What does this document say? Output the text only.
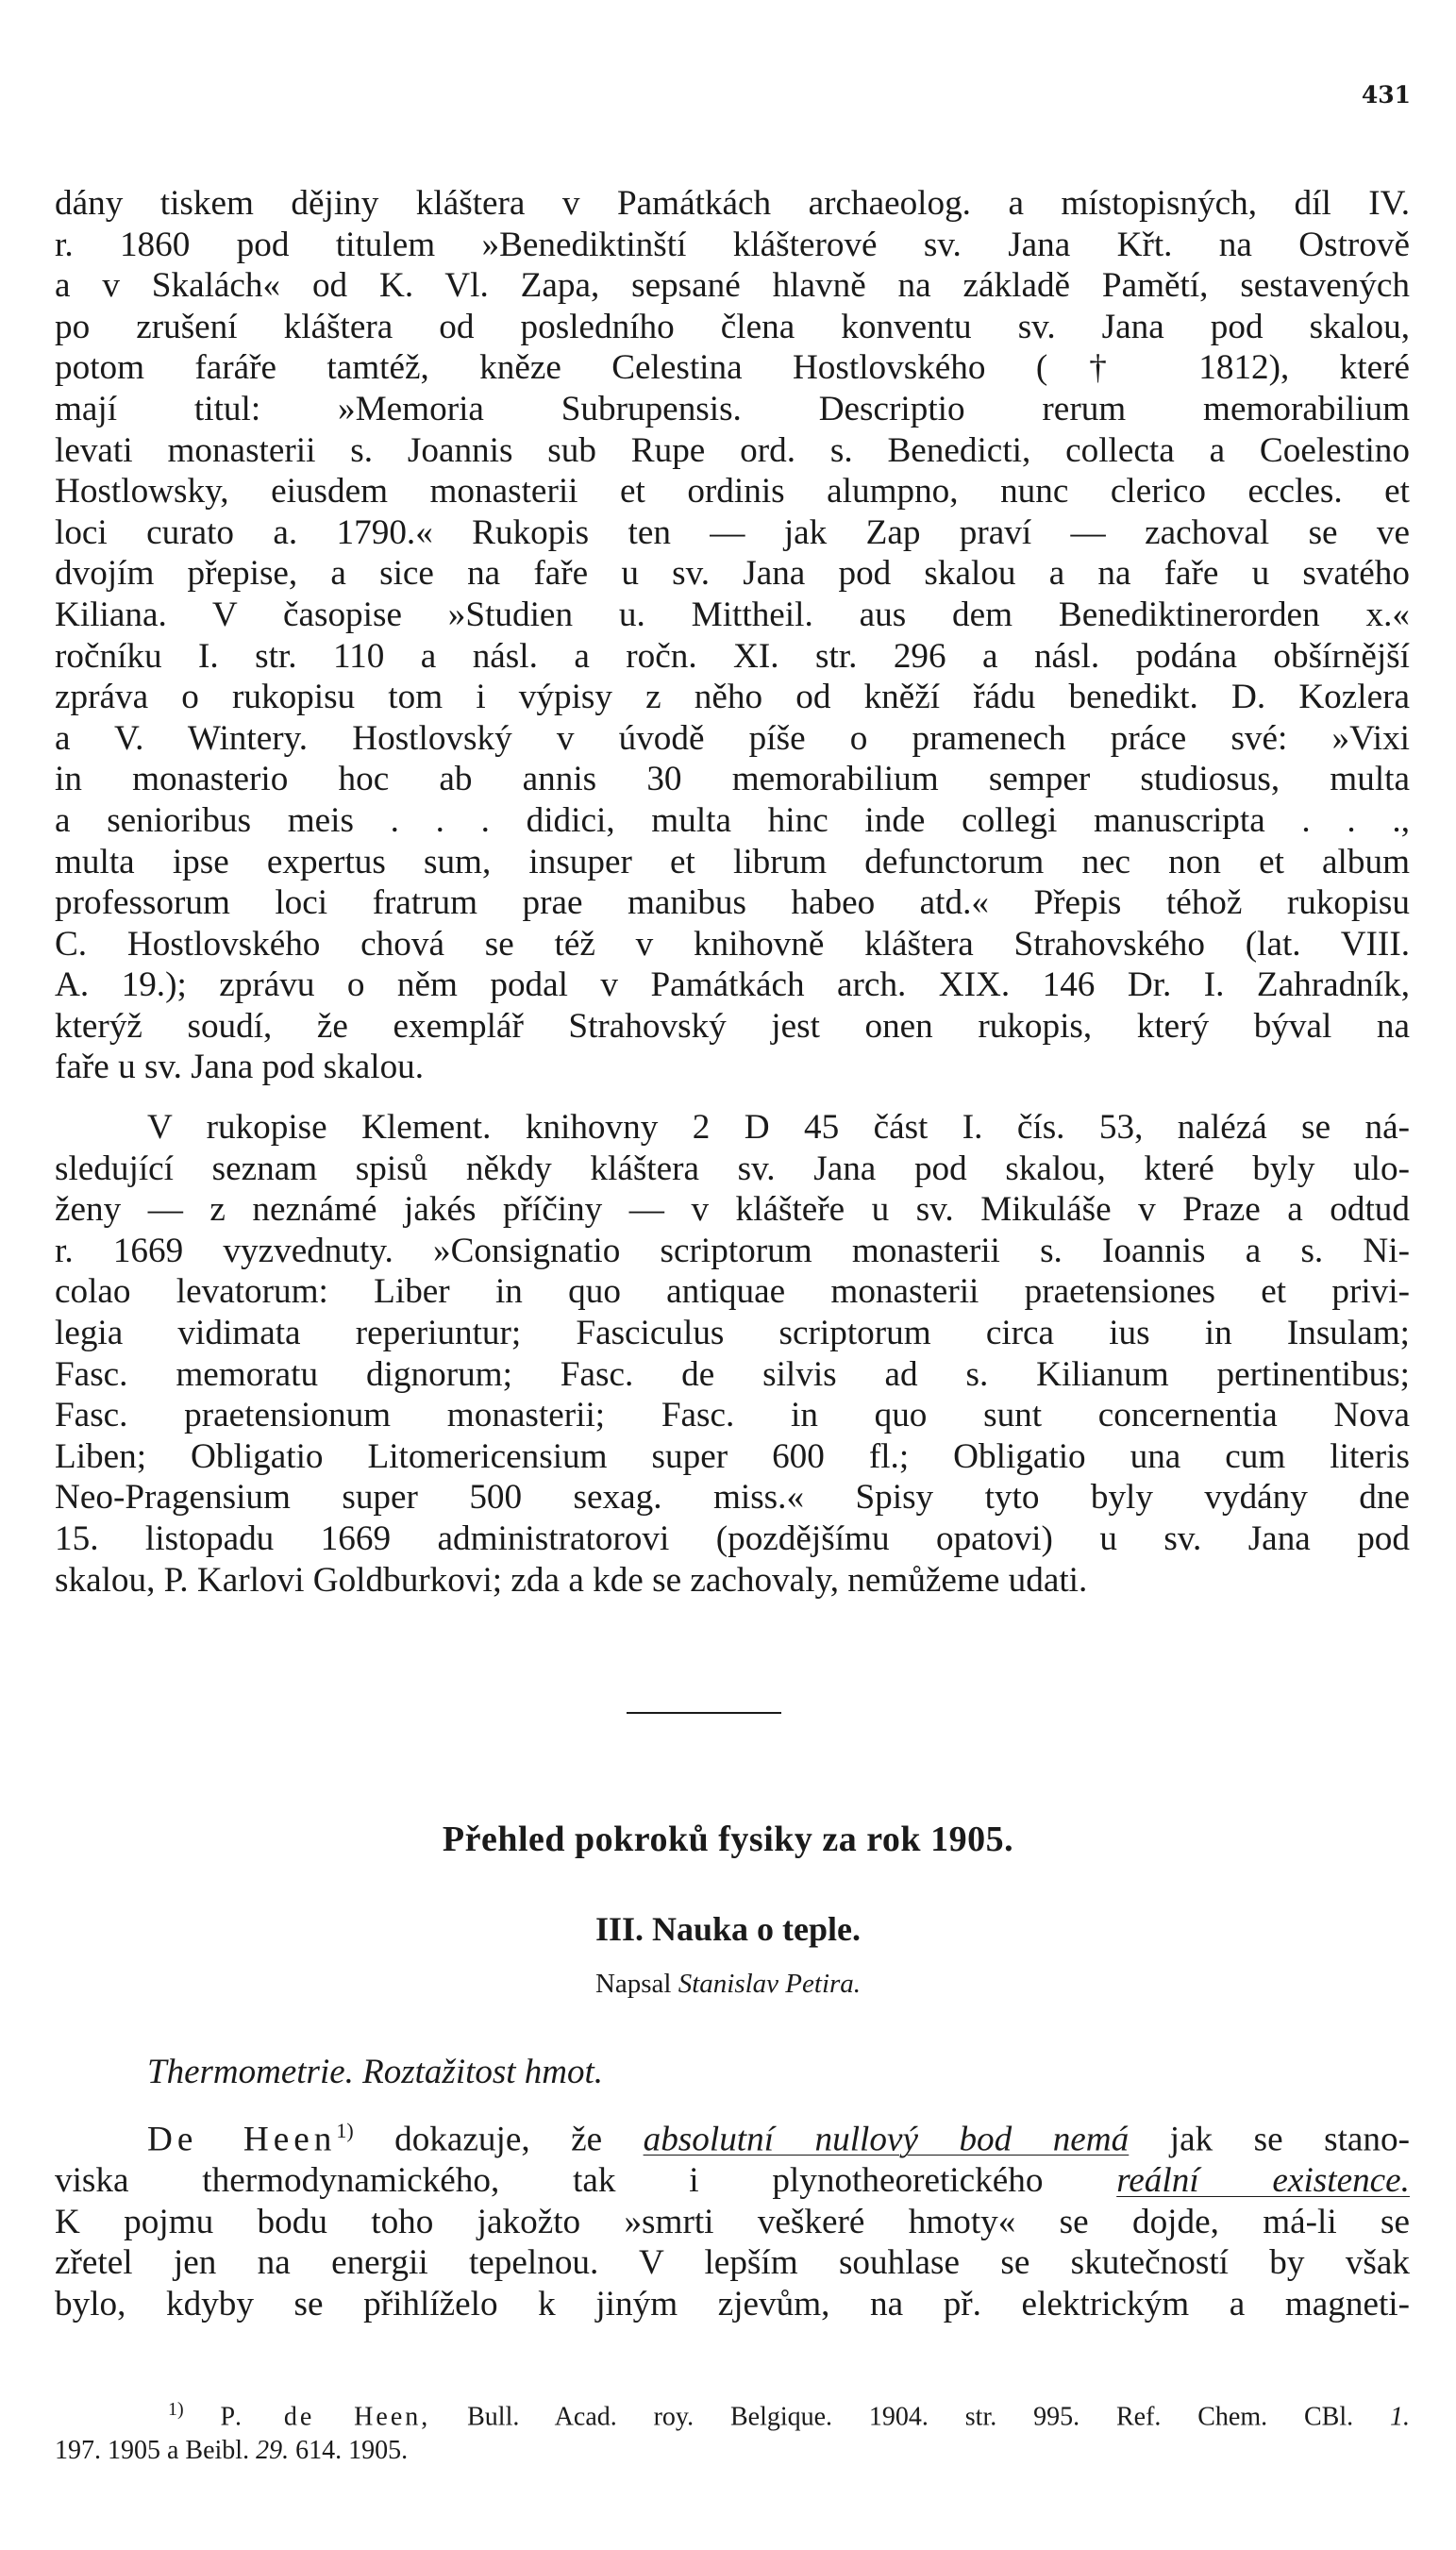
431

dány tiskem dějiny kláštera v Památkách archaeolog. a místopisných, díl IV.
r. 1860 pod titulem »Benediktinští klášterové sv. Jana Křt. na Ostrově
a v Skalách« od K. Vl. Zapa, sepsané hlavně na základě Pamětí, sestavených
po zrušení kláštera od posledního člena konventu sv. Jana pod skalou,
potom faráře tamtéž, kněze Celestina Hostlovského († 1812), které
mají titul: »Memoria Subrupensis. Descriptio rerum memorabilium
levati monasterii s. Joannis sub Rupe ord. s. Benedicti, collecta a Coelestino
Hostlowsky, eiusdem monasterii et ordinis alumpno, nunc clerico eccles. et
loci curato a. 1790.« Rukopis ten — jak Zap praví — zachoval se ve
dvojím přepise, a sice na faře u sv. Jana pod skalou a na faře u svatého
Kiliana. V časopise »Studien u. Mittheil. aus dem Benediktinerorden x.«
ročníku I. str. 110 a násl. a ročn. XI. str. 296 a násl. podána obšírnější
zpráva o rukopisu tom i výpisy z něho od kněží řádu benedikt. D. Kozlera
a V. Wintery. Hostlovský v úvodě píše o pramenech práce své: »Vixi
in monasterio hoc ab annis 30 memorabilium semper studiosus, multa
a senioribus meis . . . didici, multa hinc inde collegi manuscripta . . .,
multa ipse expertus sum, insuper et librum defunctorum nec non et album
professorum loci fratrum prae manibus habeo atd.« Přepis téhož rukopisu
C. Hostlovského chová se též v knihovně kláštera Strahovského (lat. VIII.
A. 19.); zprávu o něm podal v Památkách arch. XIX. 146 Dr. I. Zahradník,
kterýž soudí, že exemplář Strahovský jest onen rukopis, který býval na
faře u sv. Jana pod skalou.
V rukopise Klement. knihovny 2 D 45 část I. čís. 53, nalézá se ná-
sledující seznam spisů někdy kláštera sv. Jana pod skalou, které byly ulo-
ženy — z neznámé jakés příčiny — v klášteře u sv. Mikuláše v Praze a odtud
r. 1669 vyzvednuty. »Consignatio scriptorum monasterii s. Ioannis a s. Ni-
colao levatorum: Liber in quo antiquae monasterii praetensiones et privi-
legia vidimata reperiuntur; Fasciculus scriptorum circa ius in Insulam;
Fasc. memoratu dignorum; Fasc. de silvis ad s. Kilianum pertinentibus;
Fasc. praetensionum monasterii; Fasc. in quo sunt concernentia Nova
Liben; Obligatio Litomericensium super 600 fl.; Obligatio una cum literis
Neo-Pragensium super 500 sexag. miss.« Spisy tyto byly vydány dne
15. listopadu 1669 administratorovi (pozdějšímu opatovi) u sv. Jana pod
skalou, P. Karlovi Goldburkovi; zda a kde se zachovaly, nemůžeme udati.
Přehled pokroků fysiky za rok 1905.
III. Nauka o teple.

Napsal Stanislav Petira.

Thermometrie. Roztažitost hmot.

De Heen$^{1)}$ dokazuje, že absolutní nullový bod nemá jak se stano-
viska thermodynamického, tak i plynotheoretického reální existence.
K pojmu bodu toho jakožto »smrti veškeré hmoty« se dojde, má-li se
zřetel jen na energii tepelnou. V lepším souhlase se skutečností by však
bylo, kdyby se přihlíželo k jiným zjevům, na př. elektrickým a magneti-
$^{1)}$ P. de Heen, Bull. Acad. roy. Belgique. 1904. str. 995. Ref. Chem. CBl. 1.
197. 1905 a Beibl. 29. 614. 1905.
